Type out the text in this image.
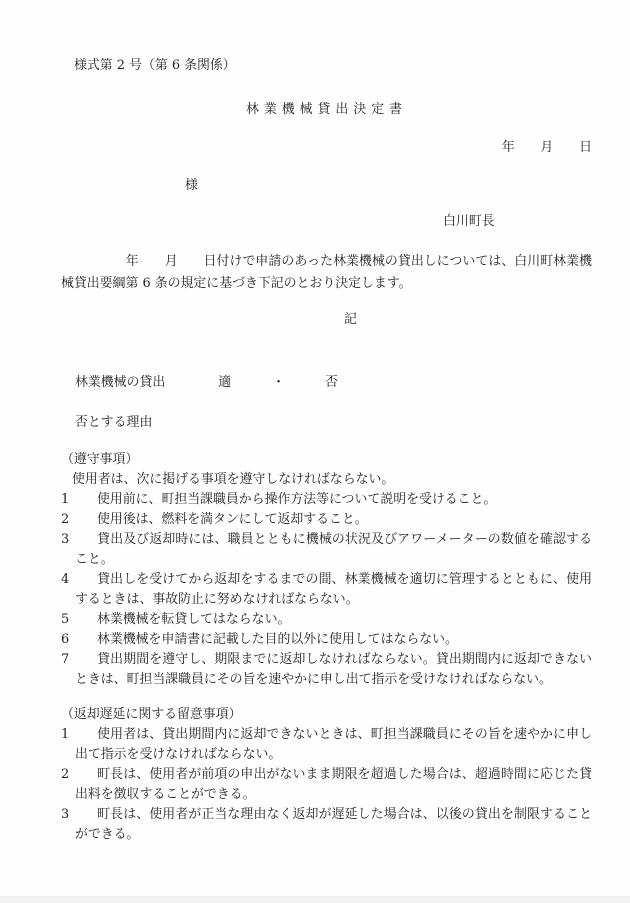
様式第 2 号（第 6 条関係）
林業機械貸出決定書
年　　月　　日
様
白川町長
　　　　　年　　月　　日付けで申請のあった林業機械の貸出しについては、白川町林業機械貸出要綱第 6 条の規定に基づき下記のとおり決定します。
記
林業機械の貸出	適	・	否
否とする理由
（遵守事項）
使用者は、次に掲げる事項を遵守しなければならない。
1 使用前に、町担当課職員から操作方法等について説明を受けること。
2 使用後は、燃料を満タンにして返却すること。
3 貸出及び返却時には、職員とともに機械の状況及びアワーメーターの数値を確認すること。
4 貸出しを受けてから返却をするまでの間、林業機械を適切に管理するとともに、使用するときは、事故防止に努めなければならない。
5 林業機械を転貸してはならない。
6 林業機械を申請書に記載した目的以外に使用してはならない。
7 貸出期間を遵守し、期限までに返却しなければならない。貸出期間内に返却できないときは、町担当課職員にその旨を速やかに申し出て指示を受けなければならない。
（返却遅延に関する留意事項）
1 使用者は、貸出期間内に返却できないときは、町担当課職員にその旨を速やかに申し出て指示を受けなければならない。
2 町長は、使用者が前項の申出がないまま期限を超過した場合は、超過時間に応じた貸出料を徴収することができる。
3 町長は、使用者が正当な理由なく返却が遅延した場合は、以後の貸出を制限することができる。
